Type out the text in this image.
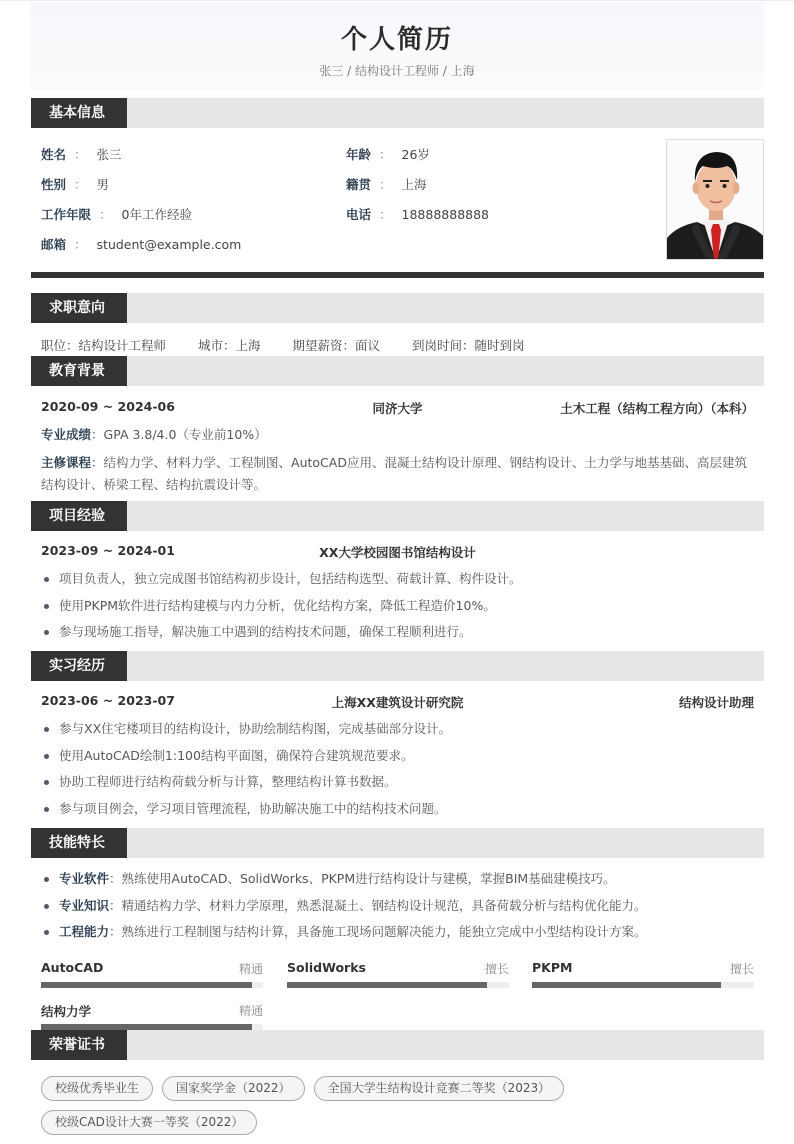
个人简历
张三 / 结构设计工程师 / 上海
基本信息
姓名 ： 张三
性别 ： 男
工作年限 ： 0年工作经验
邮箱 ： student@example.com
年龄 ： 26岁
籍贯 ： 上海
电话 ： 18888888888
求职意向
职位：结构设计工程师	城市：上海	期望薪资：面议	到岗时间：随时到岗
教育背景
2020-09 ~ 2024-06	同济大学	土木工程（结构工程方向）（本科）
专业成绩：GPA 3.8/4.0（专业前10%）
主修课程：结构力学、材料力学、工程制图、AutoCAD应用、混凝土结构设计原理、钢结构设计、土力学与地基基础、高层建筑结构设计、桥梁工程、结构抗震设计等。
项目经验
2023-09 ~ 2024-01	XX大学校园图书馆结构设计
项目负责人，独立完成图书馆结构初步设计，包括结构选型、荷载计算、构件设计。
使用PKPM软件进行结构建模与内力分析，优化结构方案，降低工程造价10%。
参与现场施工指导，解决施工中遇到的结构技术问题，确保工程顺利进行。
实习经历
2023-06 ~ 2023-07	上海XX建筑设计研究院	结构设计助理
参与XX住宅楼项目的结构设计，协助绘制结构图，完成基础部分设计。
使用AutoCAD绘制1:100结构平面图，确保符合建筑规范要求。
协助工程师进行结构荷载分析与计算，整理结构计算书数据。
参与项目例会，学习项目管理流程，协助解决施工中的结构技术问题。
技能特长
专业软件：熟练使用AutoCAD、SolidWorks、PKPM进行结构设计与建模，掌握BIM基础建模技巧。
专业知识：精通结构力学、材料力学原理，熟悉混凝土、钢结构设计规范，具备荷载分析与结构优化能力。
工程能力：熟练进行工程制图与结构计算，具备施工现场问题解决能力，能独立完成中小型结构设计方案。
AutoCAD	精通 SolidWorks	擅长 PKPM	擅长
结构力学	精通
荣誉证书
校级优秀毕业生	国家奖学金（2022）	全国大学生结构设计竞赛二等奖（2023）校级CAD设计大赛一等奖（2022）
